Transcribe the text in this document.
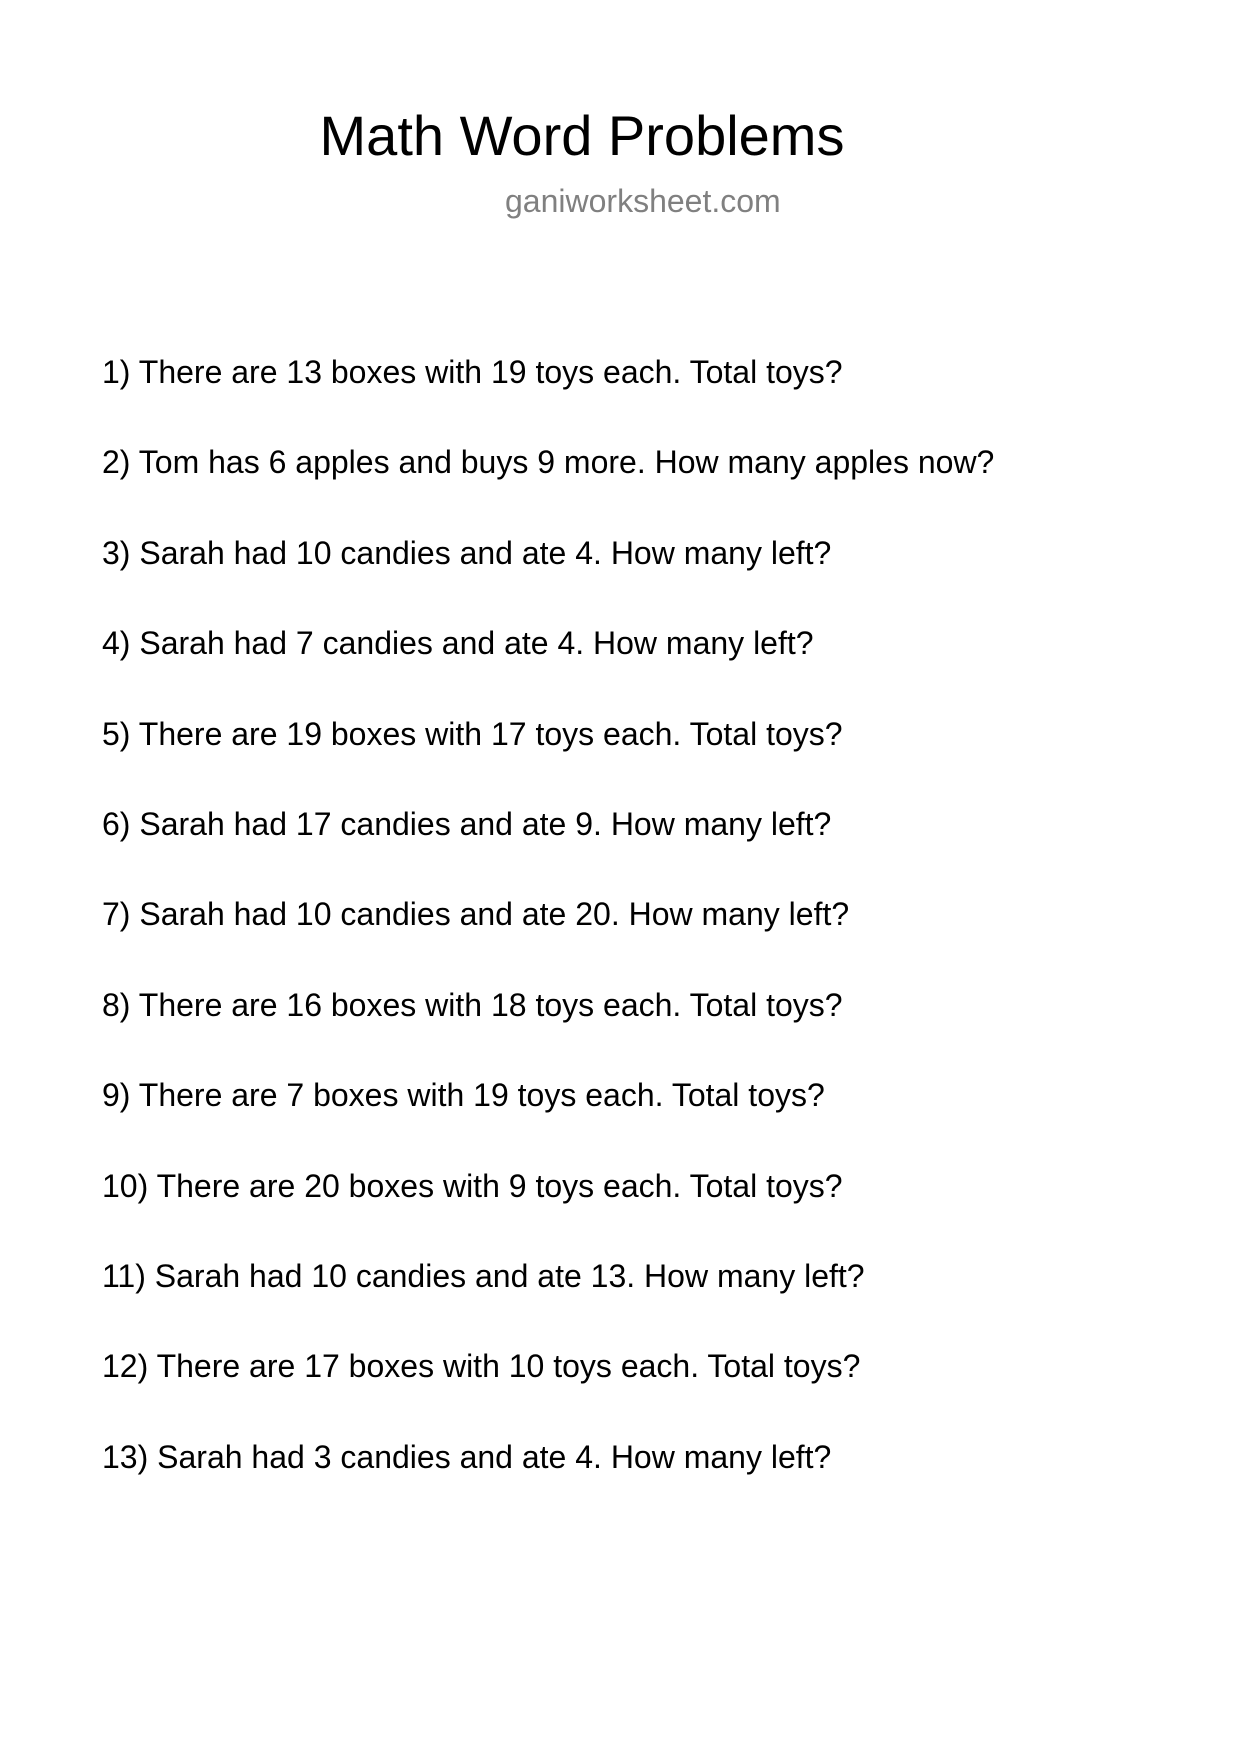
Math Word Problems
ganiworksheet.com
1) There are 13 boxes with 19 toys each. Total toys?
2) Tom has 6 apples and buys 9 more. How many apples now?
3) Sarah had 10 candies and ate 4. How many left?
4) Sarah had 7 candies and ate 4. How many left?
5) There are 19 boxes with 17 toys each. Total toys?
6) Sarah had 17 candies and ate 9. How many left?
7) Sarah had 10 candies and ate 20. How many left?
8) There are 16 boxes with 18 toys each. Total toys?
9) There are 7 boxes with 19 toys each. Total toys?
10) There are 20 boxes with 9 toys each. Total toys?
11) Sarah had 10 candies and ate 13. How many left?
12) There are 17 boxes with 10 toys each. Total toys?
13) Sarah had 3 candies and ate 4. How many left?
